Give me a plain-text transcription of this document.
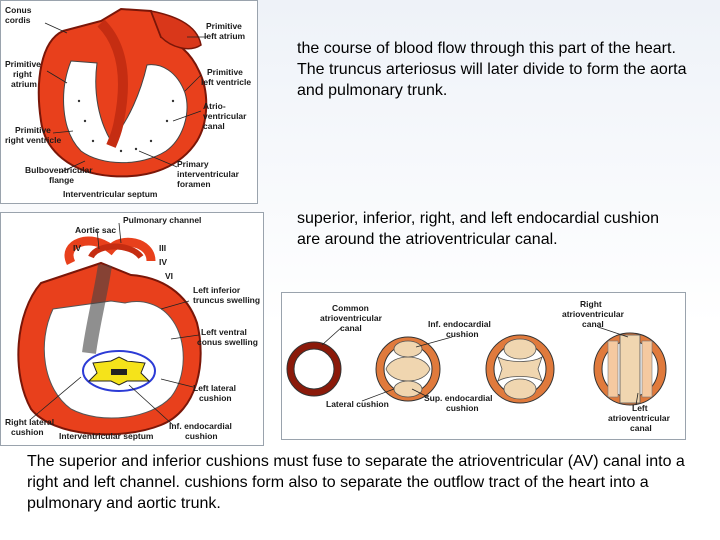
Conus
cordis
Primitive
left atrium
Primitive
right
atrium
Primitive
left ventricle
Atrio-
ventricular
canal
Primitive
right ventricle
Bulboventricular
flange
Primary
interventricular
foramen
Interventricular septum
Pulmonary channel
Aortic sac
IV	III
IV
VI
Left inferior
truncus swelling
Left ventral
conus swelling
Left lateral
cushion
Right lateral
cushion Interventricular septum
Inf. endocardial
cushion
Common
atrioventricular
canal	Inf. endocardial
cushion
Right
atrioventricular
canal
Lateral cushion
Sup. endocardial
cushion	Left
atrioventricular
canal
the course of blood flow through this part of the heart. The truncus arteriosus will later divide to form the aorta and pulmonary trunk.
superior, inferior, right, and left endocardial cushion are around the atrioventricular canal.
The superior and inferior cushions must fuse to separate the atrioventricular (AV) canal into a right and left channel. cushions form also to separate the outflow tract of the heart into a pulmonary and aortic trunk.
